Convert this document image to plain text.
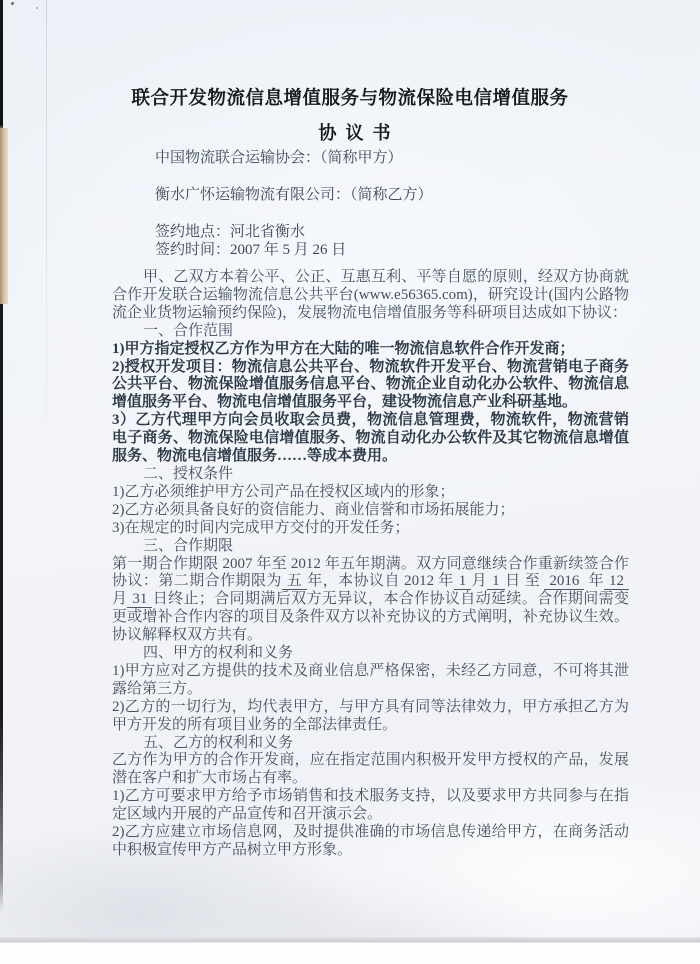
联合开发物流信息增值服务与物流保险电信增值服务
协议书
中国物流联合运输协会：（简称甲方）
衡水广怀运输物流有限公司：（简称乙方）
签约地点：河北省衡水
签约时间：2007 年 5 月 26 日
甲、乙双方本着公平、公正、互惠互利、平等自愿的原则，经双方协商就合作开发联合运输物流信息公共平台(www.e56365.com)，研究设计(国内公路物流企业货物运输预约保险)，发展物流电信增值服务等科研项目达成如下协议：
一、合作范围
1)甲方指定授权乙方作为甲方在大陆的唯一物流信息软件合作开发商；
2)授权开发项目：物流信息公共平台、物流软件开发平台、物流营销电子商务公共平台、物流保险增值服务信息平台、物流企业自动化办公软件、物流信息增值服务平台、物流电信增值服务平台，建设物流信息产业科研基地。
3）乙方代理甲方向会员收取会员费，物流信息管理费，物流软件，物流营销电子商务、物流保险电信增值服务、物流自动化办公软件及其它物流信息增值服务、物流电信增值服务……等成本费用。
二、授权条件
1)乙方必须维护甲方公司产品在授权区域内的形象；
2)乙方必须具备良好的资信能力、商业信誉和市场拓展能力；
3)在规定的时间内完成甲方交付的开发任务；
三、合作期限
第一期合作期限 2007 年至 2012 年五年期满。双方同意继续合作重新续签合作协议：第二期合作期限为 五 年，本协议自 2012 年 1 月 1 日 至 2016 年 12 月 31 日终止；合同期满后双方无异议，本合作协议自动延续。合作期间需变更或增补合作内容的项目及条件双方以补充协议的方式阐明，补充协议生效。协议解释权双方共有。
四、甲方的权利和义务
1)甲方应对乙方提供的技术及商业信息严格保密，未经乙方同意，不可将其泄露给第三方。
2)乙方的一切行为，均代表甲方，与甲方具有同等法律效力，甲方承担乙方为甲方开发的所有项目业务的全部法律责任。
五、乙方的权利和义务
乙方作为甲方的合作开发商，应在指定范围内积极开发甲方授权的产品，发展潜在客户和扩大市场占有率。
1)乙方可要求甲方给予市场销售和技术服务支持，以及要求甲方共同参与在指定区域内开展的产品宣传和召开演示会。
2)乙方应建立市场信息网，及时提供准确的市场信息传递给甲方，在商务活动中积极宣传甲方产品树立甲方形象。
